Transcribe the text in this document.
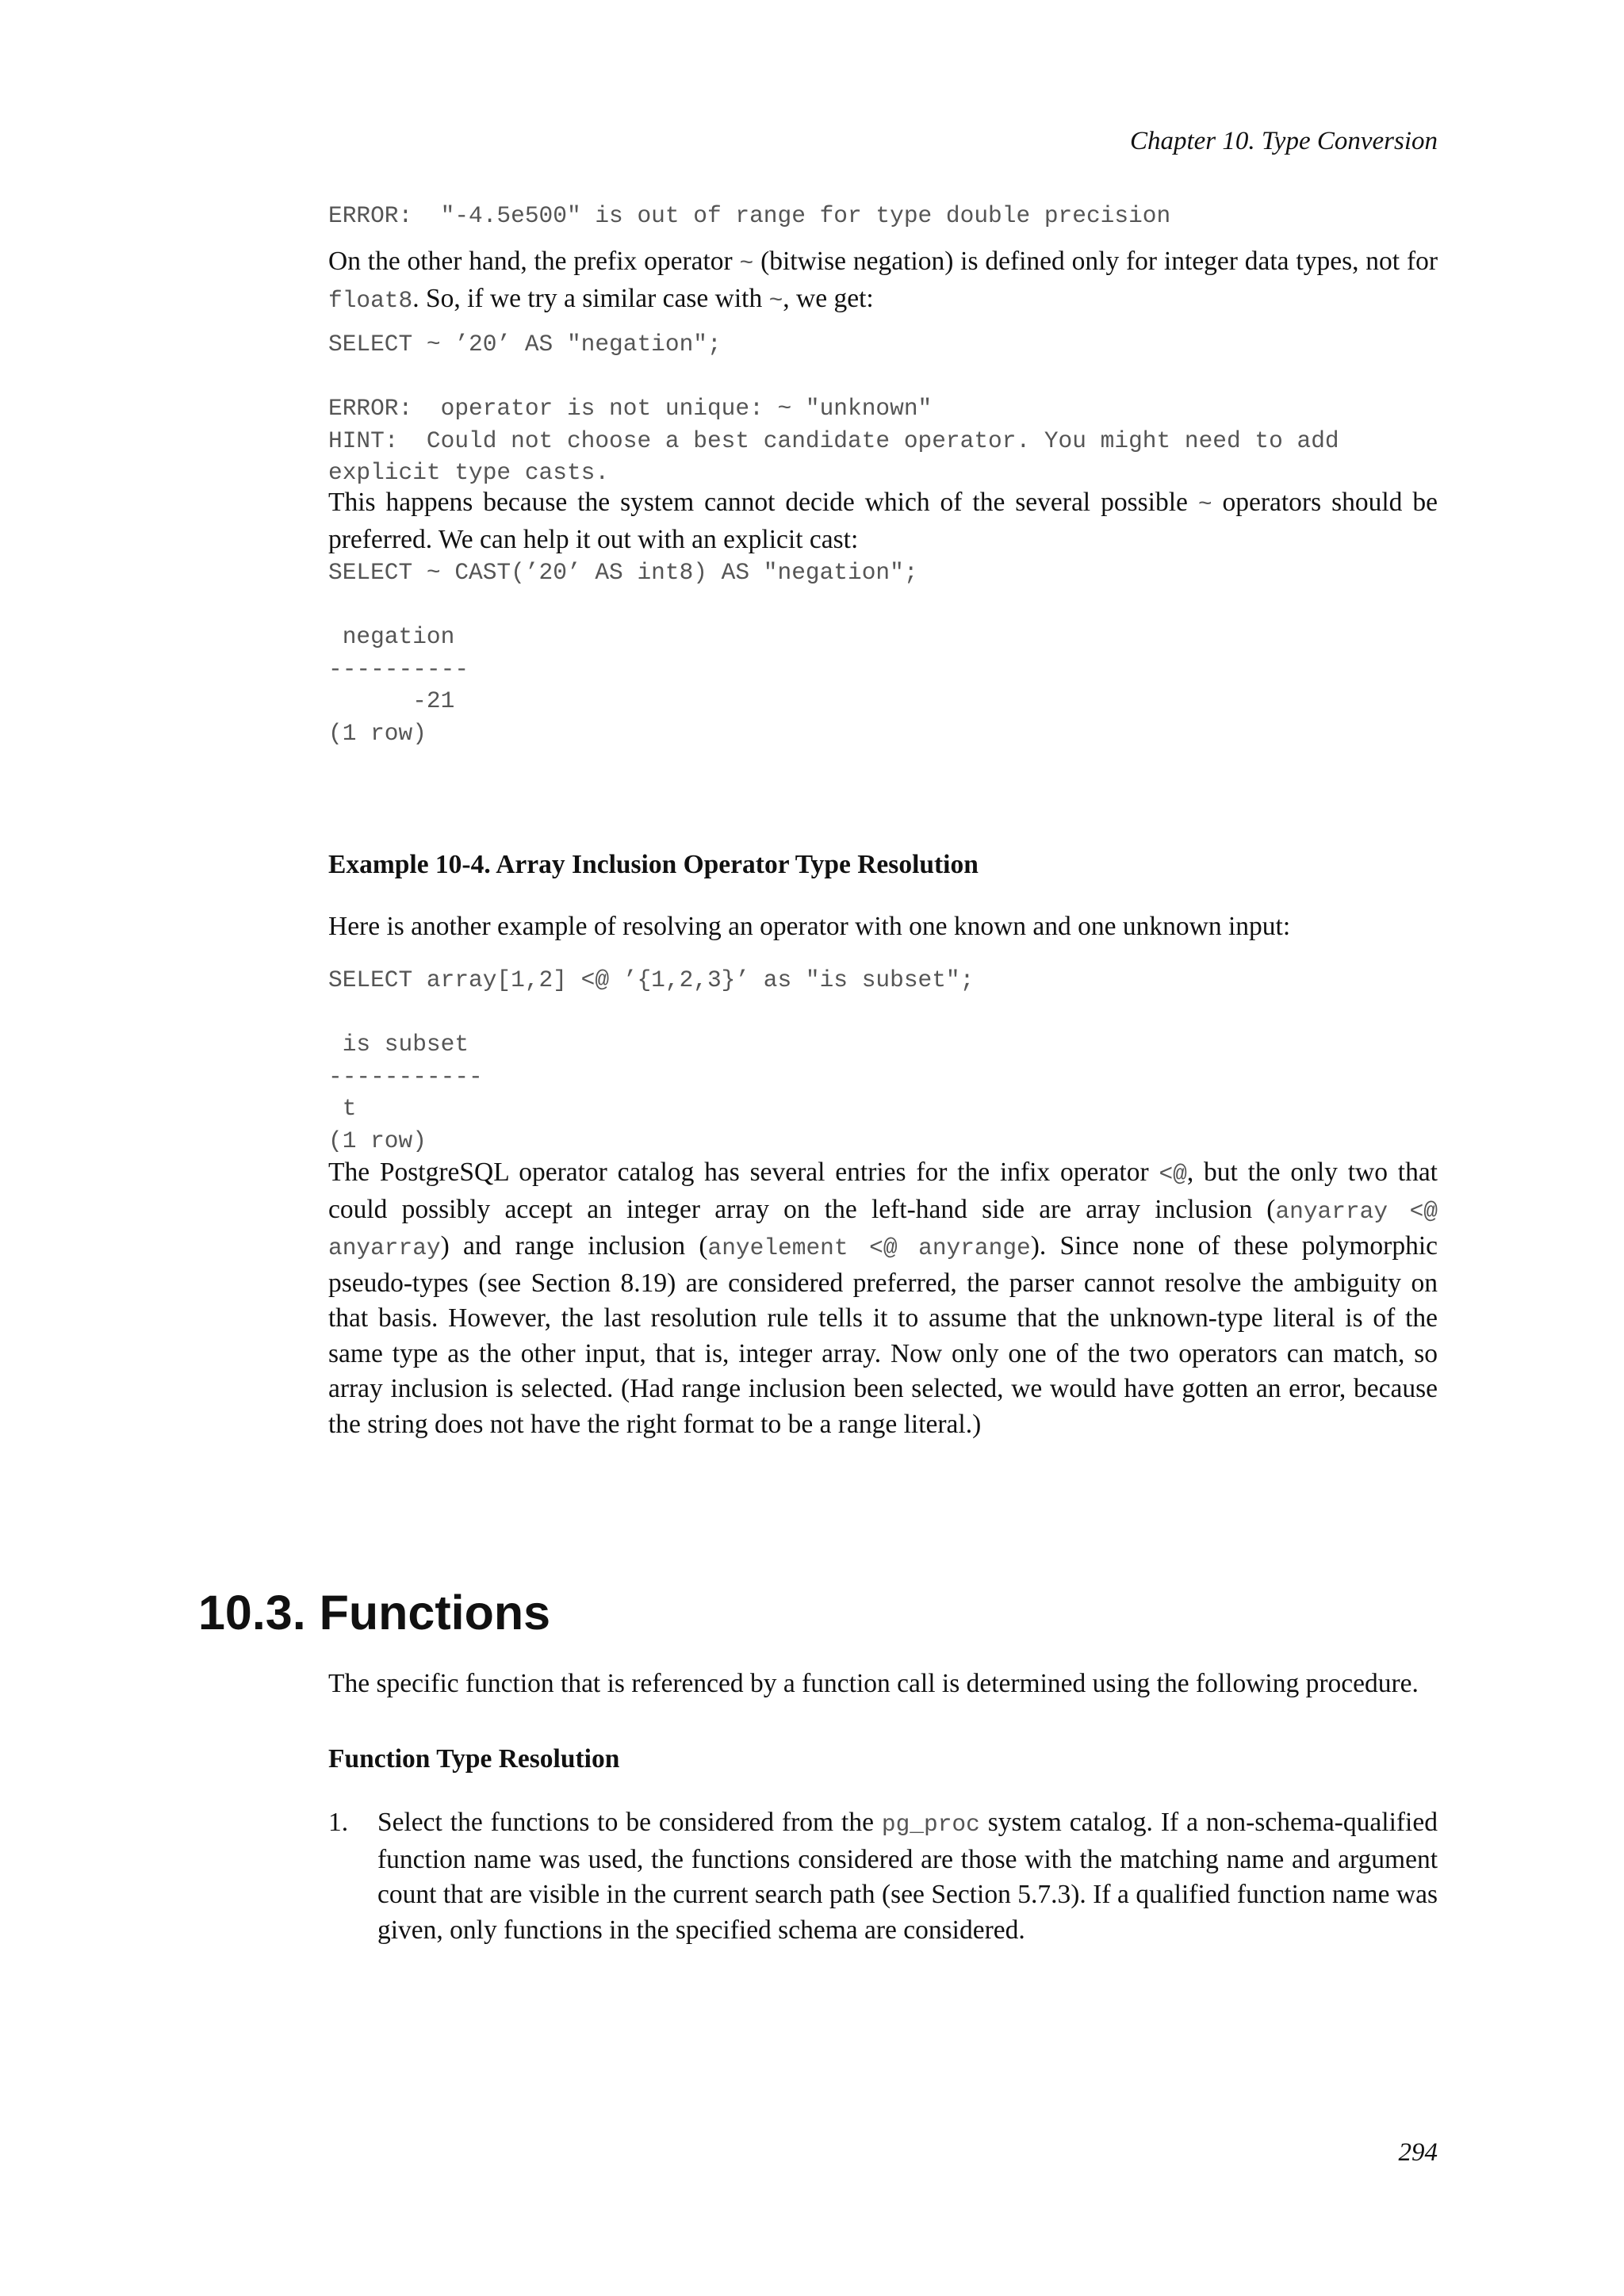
Chapter 10. Type Conversion
ERROR:  "-4.5e500" is out of range for type double precision

On the other hand, the prefix operator ~ (bitwise negation) is defined only for integer data types, not for float8. So, if we try a similar case with ~, we get:

SELECT ~ ’20’ AS "negation";

ERROR:  operator is not unique: ~ "unknown"
HINT:  Could not choose a best candidate operator. You might need to add
explicit type casts.

This happens because the system cannot decide which of the several possible ~ operators should be preferred. We can help it out with an explicit cast:

SELECT ~ CAST(’20’ AS int8) AS "negation";

negation
----------
-21
(1 row)
Example 10-4. Array Inclusion Operator Type Resolution

Here is another example of resolving an operator with one known and one unknown input:

SELECT array[1,2] <@ ’{1,2,3}’ as "is subset";

is subset
-----------
t
(1 row)

The PostgreSQL operator catalog has several entries for the infix operator <@, but the only two that could possibly accept an integer array on the left-hand side are array inclusion (anyarray <@ anyarray) and range inclusion (anyelement <@ anyrange). Since none of these polymorphic pseudo-types (see Section 8.19) are considered preferred, the parser cannot resolve the ambiguity on that basis. However, the last resolution rule tells it to assume that the unknown-type literal is of the same type as the other input, that is, integer array. Now only one of the two operators can match, so array inclusion is selected. (Had range inclusion been selected, we would have gotten an error, because the string does not have the right format to be a range literal.)

10.3. Functions

The specific function that is referenced by a function call is determined using the following procedure.

Function Type Resolution
1. Select the functions to be considered from the pg_proc system catalog. If a non-schema-qualified function name was used, the functions considered are those with the matching name and argument count that are visible in the current search path (see Section 5.7.3). If a qualified function name was given, only functions in the specified schema are considered.

294
